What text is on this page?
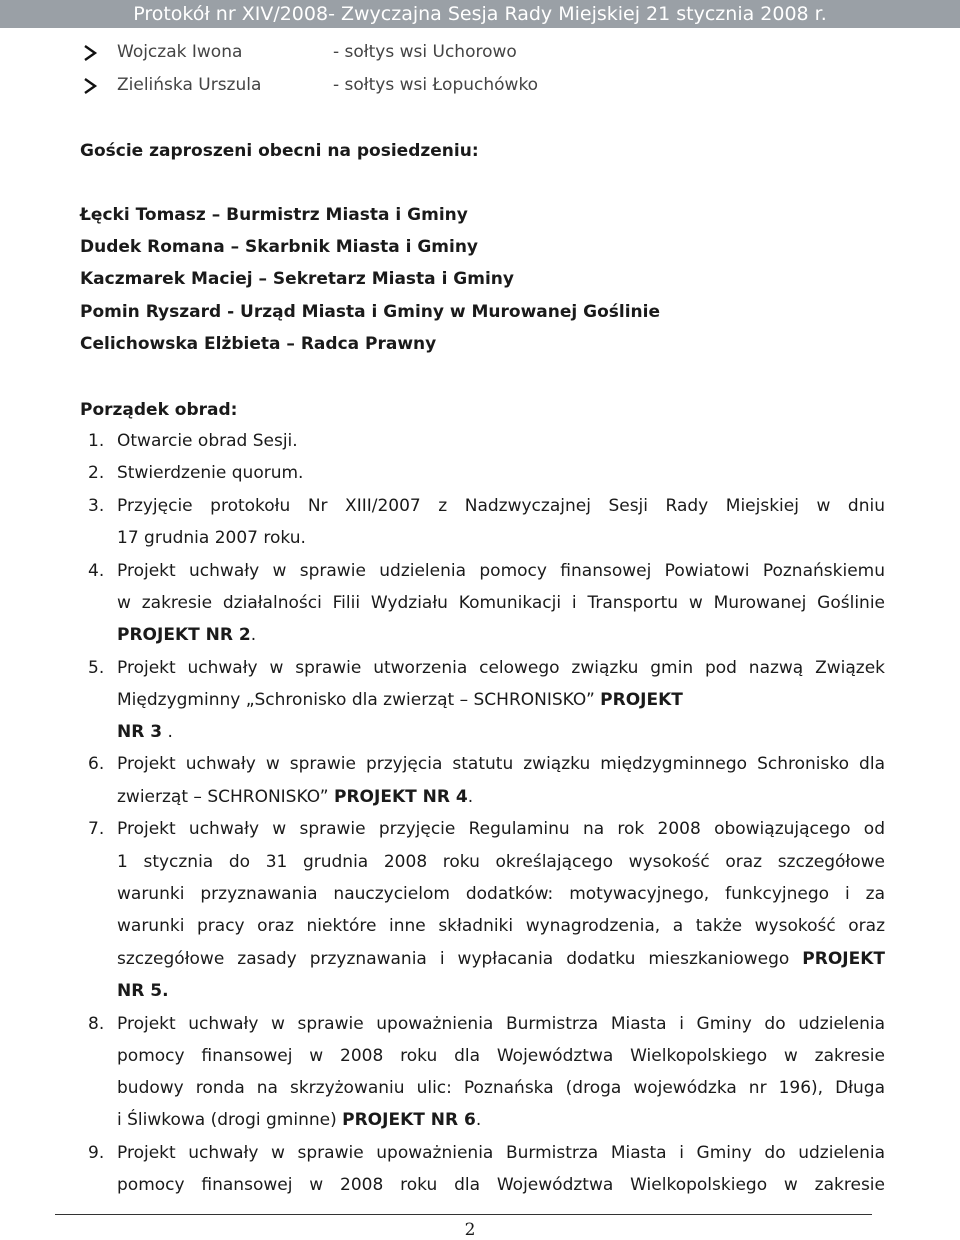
Protokół nr XIV/2008- Zwyczajna Sesja Rady Miejskiej 21 stycznia 2008 r.
Wojczak Iwona	- sołtys wsi Uchorowo
Zielińska Urszula	- sołtys wsi Łopuchówko
Goście zaproszeni obecni na posiedzeniu:
Łęcki Tomasz – Burmistrz Miasta i Gminy
Dudek Romana – Skarbnik Miasta i Gminy
Kaczmarek Maciej – Sekretarz Miasta i Gminy
Pomin Ryszard - Urząd Miasta i Gminy w Murowanej Goślinie
Celichowska Elżbieta – Radca Prawny
Porządek obrad:
1. Otwarcie obrad Sesji.
2. Stwierdzenie quorum.
3. Przyjęcie protokołu Nr XIII/2007 z Nadzwyczajnej Sesji Rady Miejskiej w dniu
17 grudnia 2007 roku.
4. Projekt uchwały w sprawie udzielenia pomocy finansowej Powiatowi Poznańskiemu
w zakresie działalności Filii Wydziału Komunikacji i Transportu w Murowanej Goślinie
PROJEKT NR 2.
5. Projekt uchwały w sprawie utworzenia celowego związku gmin pod nazwą Związek
Międzygminny „Schronisko dla zwierząt – SCHRONISKO” PROJEKT
NR 3 .
6. Projekt uchwały w sprawie przyjęcia statutu związku międzygminnego Schronisko dla
zwierząt – SCHRONISKO” PROJEKT NR 4.
7. Projekt uchwały w sprawie przyjęcie Regulaminu na rok 2008 obowiązującego od
1 stycznia do 31 grudnia 2008 roku określającego wysokość oraz szczegółowe
warunki przyznawania nauczycielom dodatków: motywacyjnego, funkcyjnego i za
warunki pracy oraz niektóre inne składniki wynagrodzenia, a także wysokość oraz
szczegółowe zasady przyznawania i wypłacania dodatku mieszkaniowego PROJEKT
NR 5.
8. Projekt uchwały w sprawie upoważnienia Burmistrza Miasta i Gminy do udzielenia
pomocy finansowej w 2008 roku dla Województwa Wielkopolskiego w zakresie
budowy ronda na skrzyżowaniu ulic: Poznańska (droga wojewódzka nr 196), Długa
i Śliwkowa (drogi gminne) PROJEKT NR 6.
9. Projekt uchwały w sprawie upoważnienia Burmistrza Miasta i Gminy do udzielenia
pomocy finansowej w 2008 roku dla Województwa Wielkopolskiego w zakresie
2
